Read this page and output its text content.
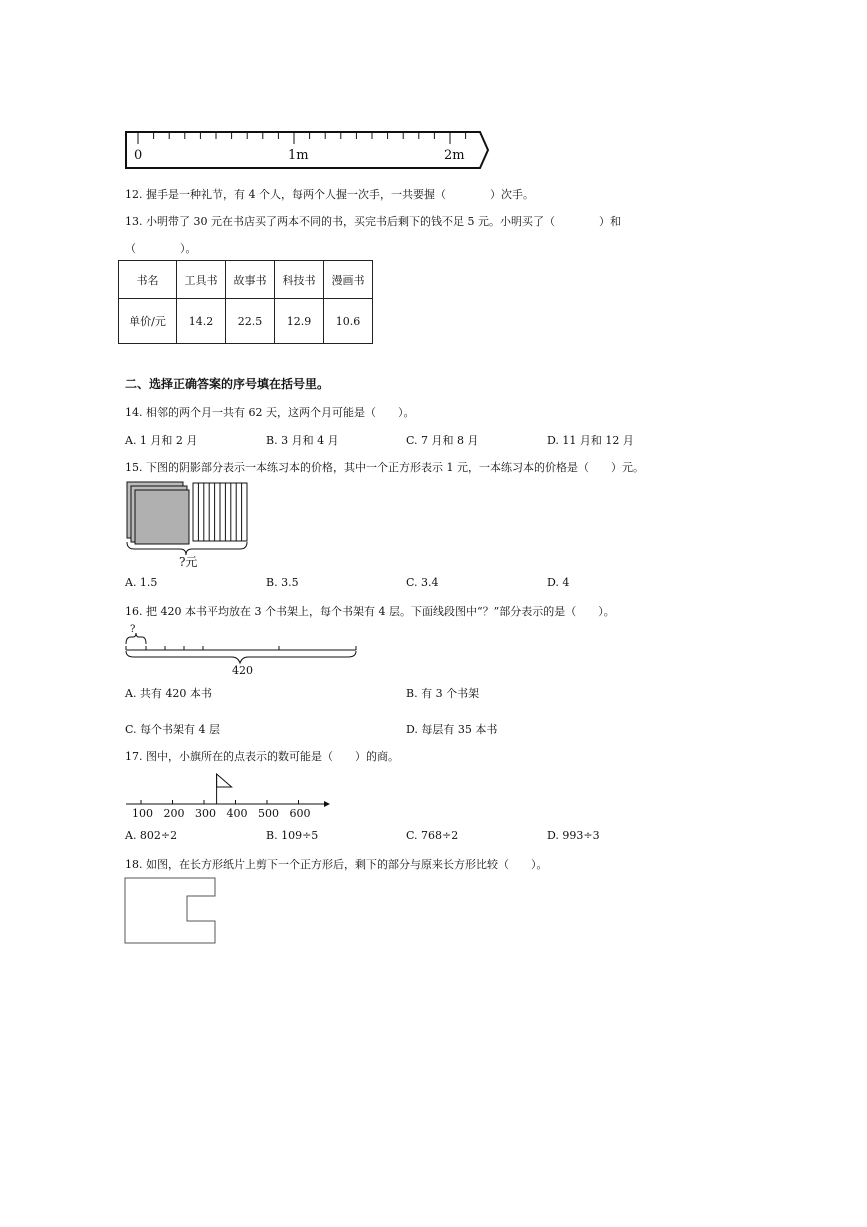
0	1m	2m
12. 握手是一种礼节，有 4 个人，每两个人握一次手，一共要握（　　　　）次手。
13. 小明带了 30 元在书店买了两本不同的书，买完书后剩下的钱不足 5 元。小明买了（　　　　）和
（　　　　）。
书名	工具书	故事书	科技书	漫画书
单价/元	14.2	22.5	12.9	10.6
二、选择正确答案的序号填在括号里。
14. 相邻的两个月一共有 62 天，这两个月可能是（　　）。
A. 1 月和 2 月	B. 3 月和 4 月	C. 7 月和 8 月	D. 11 月和 12 月
15. 下图的阴影部分表示一本练习本的价格，其中一个正方形表示 1 元，一本练习本的价格是（　　）元。
?元
A. 1.5	B. 3.5	C. 3.4	D. 4
16. 把 420 本书平均放在 3 个书架上，每个书架有 4 层。下面线段图中“？”部分表示的是（　　）。
?
420
A. 共有 420 本书	B. 有 3 个书架
C. 每个书架有 4 层	D. 每层有 35 本书
17. 图中，小旗所在的点表示的数可能是（　　）的商。
100 200 300 400 500 600
A. 802÷2	B. 109÷5	C. 768÷2	D. 993÷3
18. 如图，在长方形纸片上剪下一个正方形后，剩下的部分与原来长方形比较（　　）。
